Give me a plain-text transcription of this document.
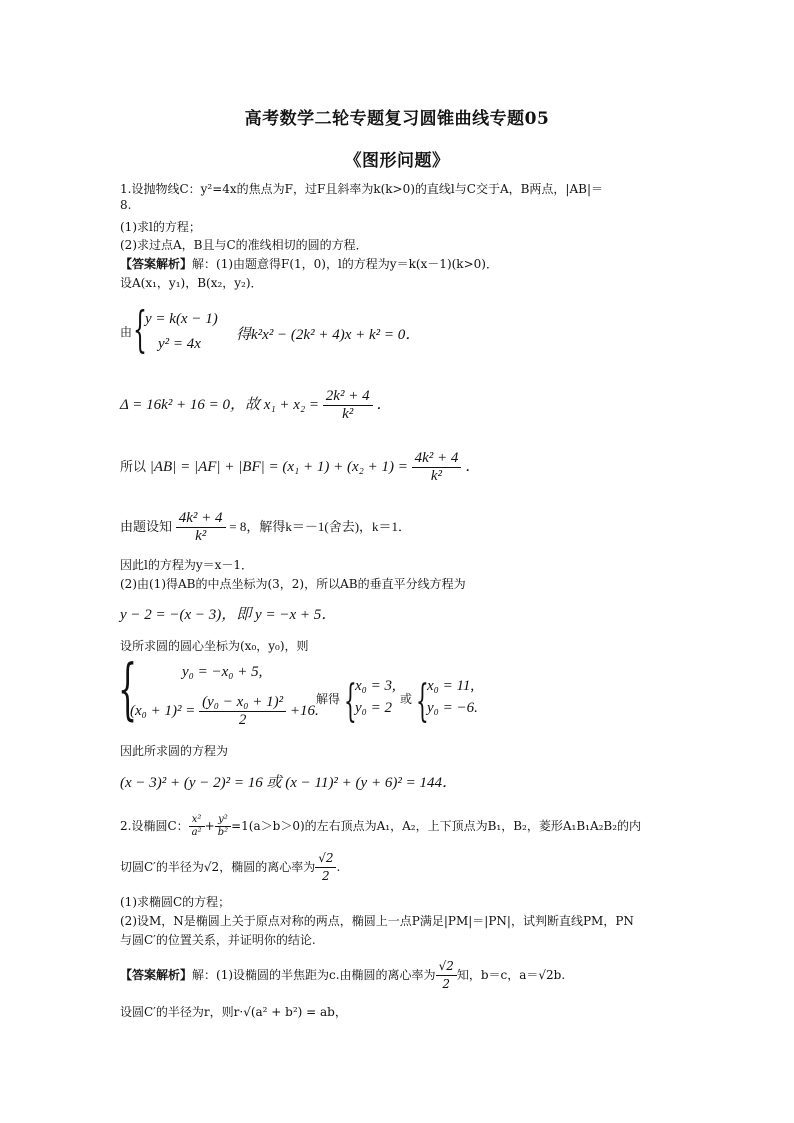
高考数学二轮专题复习圆锥曲线专题05
《图形问题》
1.设抛物线C：y²=4x的焦点为F，过F且斜率为k(k>0)的直线l与C交于A，B两点，|AB|＝
8.
(1)求l的方程；
(2)求过点A，B且与C的准线相切的圆的方程．
【答案解析】解：(1)由题意得F(1，0)，l的方程为y＝k(x－1)(k>0)．
设A(x₁，y₁)，B(x₂，y₂)．
由 {
y = k(x − 1)
y² = 4x
得k²x² − (2k² + 4)x + k² = 0．
Δ = 16k² + 16 = 0，故 $x_1 + x_2 = \frac{\text{2k² + 4}}{\text{k²}}$ ．
所以 $|AB| = |AF| + |BF| = (x_1 + 1) + (x_2 + 1) = \frac{\text{4k² + 4}}{\text{k²}}$ ．
由题设知 $\frac{\text{4k² + 4}}{\text{k²}} = 8$，解得k＝－1(舍去)，k＝1．
因此l的方程为y＝x－1．
(2)由(1)得AB的中点坐标为(3，2)，所以AB的垂直平分线方程为
y − 2 = −(x − 3)，即 y = −x + 5．
设所求圆的圆心坐标为(x₀，y₀)，则
{	y₀ = −x₀ + 5,
$(x_0 + 1)^2 = \frac{\text{(y₀ − x₀ + 1)²}}{2} +16$.
解得 {
x₀ = 3,
y₀ = 2
或 {
x₀ = 11,
y₀ = −6.
因此所求圆的方程为
(x − 3)² + (y − 2)² = 16 或 (x − 11)² + (y + 6)² = 144．
2.设椭圆C： $\frac{\text{x²}}{\text{a²}} + \frac{\text{y²}}{\text{b²}} =1(a>b>0)$的左右顶点为A₁，A₂，上下顶点为B₁，B₂，菱形A₁B₁A₂B₂的内
切圆C′的半径为√2，椭圆的离心率为 $\frac{√2}{2}$ .
(1)求椭圆C的方程；
(2)设M，N是椭圆上关于原点对称的两点，椭圆上一点P满足|PM|＝|PN|，试判断直线PM，PN
与圆C′的位置关系，并证明你的结论.
【答案解析】解：(1)设椭圆的半焦距为c.由椭圆的离心率为 $\frac{√2}{2}$ 知，b＝c，a＝√2b.
设圆C′的半径为r，则r·√(a² + b²) = ab，
